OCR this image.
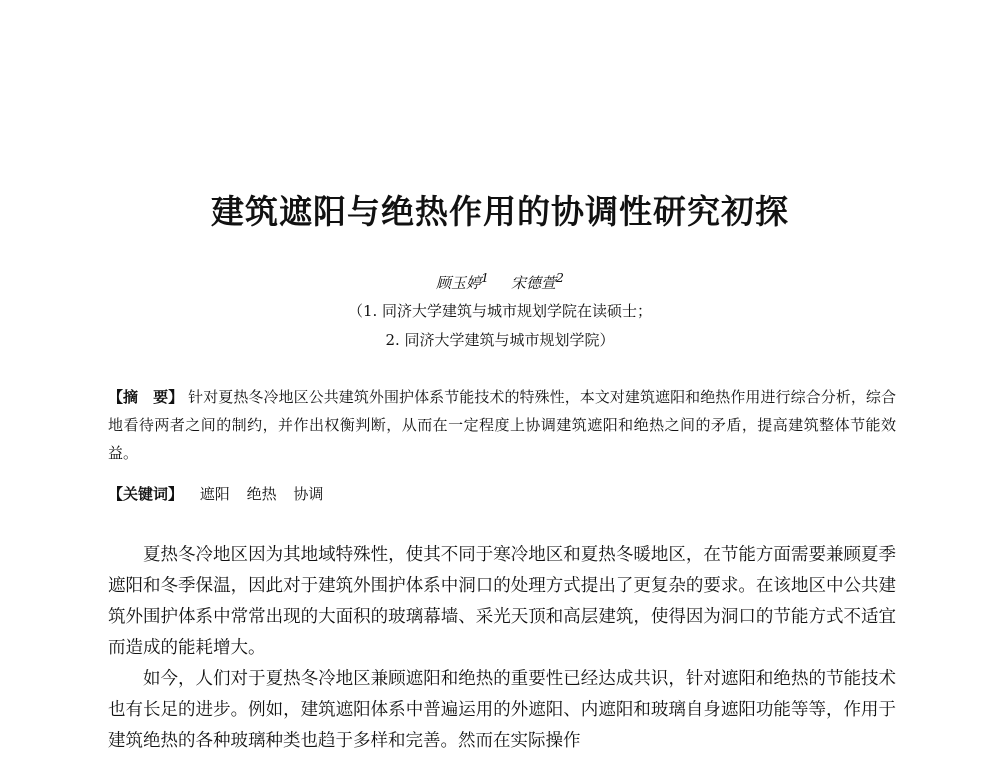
建筑遮阳与绝热作用的协调性研究初探
顾玉婷$^1$ 宋德萱$^2$
（1. 同济大学建筑与城市规划学院在读硕士；
2. 同济大学建筑与城市规划学院）
【摘　要】 针对夏热冬冷地区公共建筑外围护体系节能技术的特殊性，本文对建筑遮阳和绝热作用进行综合分析，综合地看待两者之间的制约，并作出权衡判断，从而在一定程度上协调建筑遮阳和绝热之间的矛盾，提高建筑整体节能效益。
【关键词】 遮阳 绝热 协调

夏热冬冷地区因为其地域特殊性，使其不同于寒冷地区和夏热冬暖地区，在节能方面需要兼顾夏季遮阳和冬季保温，因此对于建筑外围护体系中洞口的处理方式提出了更复杂的要求。在该地区中公共建筑外围护体系中常常出现的大面积的玻璃幕墙、采光天顶和高层建筑，使得因为洞口的节能方式不适宜而造成的能耗增大。

如今，人们对于夏热冬冷地区兼顾遮阳和绝热的重要性已经达成共识，针对遮阳和绝热的节能技术也有长足的进步。例如，建筑遮阳体系中普遍运用的外遮阳、内遮阳和玻璃自身遮阳功能等等，作用于建筑绝热的各种玻璃种类也趋于多样和完善。然而在实际操作
